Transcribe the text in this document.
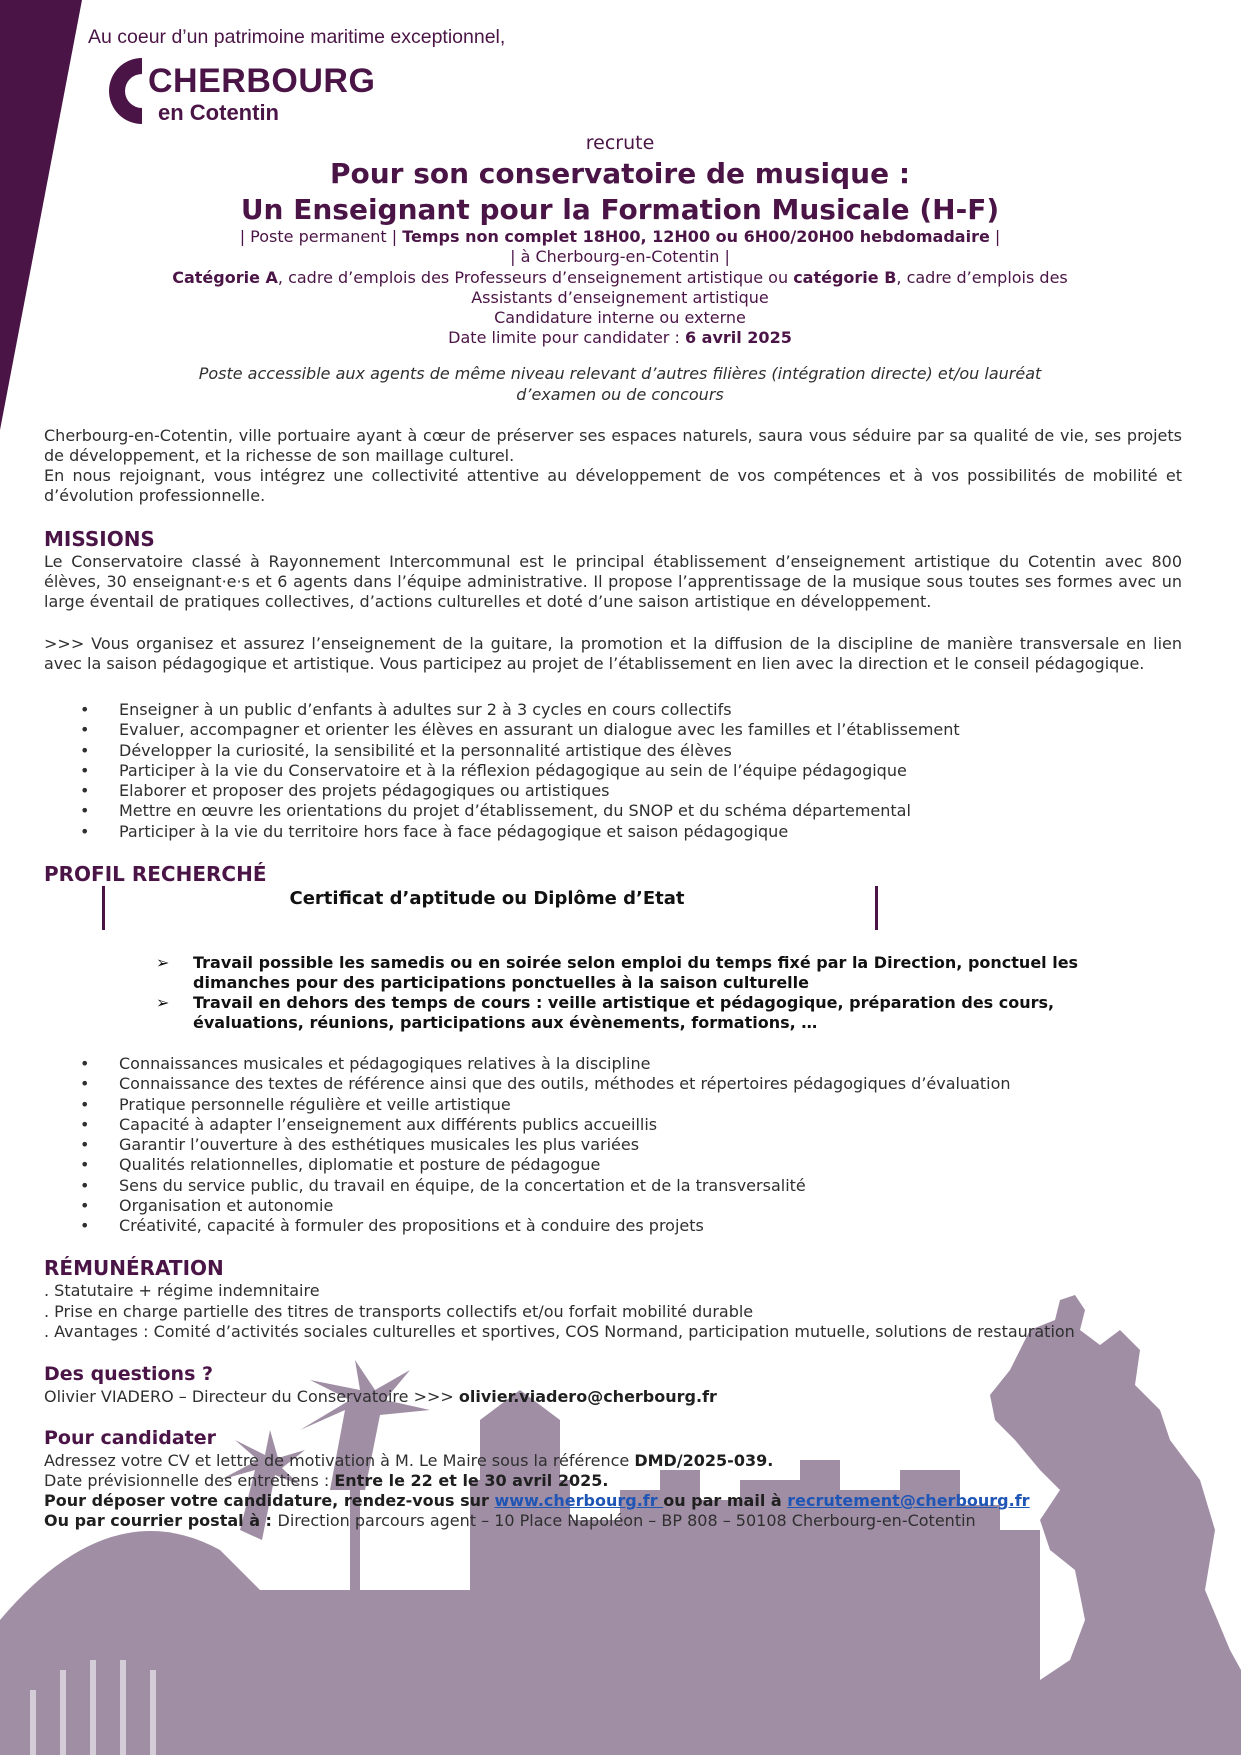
Au coeur d’un patrimoine maritime exceptionnel,
CHERBOURG
en Cotentin
recrute
Pour son conservatoire de musique :
Un Enseignant pour la Formation Musicale (H-F)
| Poste permanent | Temps non complet 18H00, 12H00 ou 6H00/20H00 hebdomadaire |
| à Cherbourg-en-Cotentin |
Catégorie A, cadre d’emplois des Professeurs d’enseignement artistique ou catégorie B, cadre d’emplois des
Assistants d’enseignement artistique
Candidature interne ou externe
Date limite pour candidater : 6 avril 2025
Poste accessible aux agents de même niveau relevant d’autres filières (intégration directe) et/ou lauréat
d’examen ou de concours
Cherbourg-en-Cotentin, ville portuaire ayant à cœur de préserver ses espaces naturels, saura vous séduire par sa qualité de vie, ses projets de développement, et la richesse de son maillage culturel.
En nous rejoignant, vous intégrez une collectivité attentive au développement de vos compétences et à vos possibilités de mobilité et d’évolution professionnelle.
MISSIONS
Le Conservatoire classé à Rayonnement Intercommunal est le principal établissement d’enseignement artistique du Cotentin avec 800 élèves, 30 enseignant·e·s et 6 agents dans l’équipe administrative. Il propose l’apprentissage de la musique sous toutes ses formes avec un large éventail de pratiques collectives, d’actions culturelles et doté d’une saison artistique en développement.
>>> Vous organisez et assurez l’enseignement de la guitare, la promotion et la diffusion de la discipline de manière transversale en lien avec la saison pédagogique et artistique. Vous participez au projet de l’établissement en lien avec la direction et le conseil pédagogique.
• Enseigner à un public d’enfants à adultes sur 2 à 3 cycles en cours collectifs
• Evaluer, accompagner et orienter les élèves en assurant un dialogue avec les familles et l’établissement
• Développer la curiosité, la sensibilité et la personnalité artistique des élèves
• Participer à la vie du Conservatoire et à la réflexion pédagogique au sein de l’équipe pédagogique
• Elaborer et proposer des projets pédagogiques ou artistiques
• Mettre en œuvre les orientations du projet d’établissement, du SNOP et du schéma départemental
• Participer à la vie du territoire hors face à face pédagogique et saison pédagogique
PROFIL RECHERCHÉ
Certificat d’aptitude ou Diplôme d’Etat
➢ Travail possible les samedis ou en soirée selon emploi du temps fixé par la Direction, ponctuel les dimanches pour des participations ponctuelles à la saison culturelle
➢ Travail en dehors des temps de cours : veille artistique et pédagogique, préparation des cours, évaluations, réunions, participations aux évènements, formations, …
• Connaissances musicales et pédagogiques relatives à la discipline
• Connaissance des textes de référence ainsi que des outils, méthodes et répertoires pédagogiques d’évaluation
• Pratique personnelle régulière et veille artistique
• Capacité à adapter l’enseignement aux différents publics accueillis
• Garantir l’ouverture à des esthétiques musicales les plus variées
• Qualités relationnelles, diplomatie et posture de pédagogue
• Sens du service public, du travail en équipe, de la concertation et de la transversalité
• Organisation et autonomie
• Créativité, capacité à formuler des propositions et à conduire des projets
RÉMUNÉRATION
. Statutaire + régime indemnitaire
. Prise en charge partielle des titres de transports collectifs et/ou forfait mobilité durable
. Avantages : Comité d’activités sociales culturelles et sportives, COS Normand, participation mutuelle, solutions de restauration
Des questions ?
Olivier VIADERO – Directeur du Conservatoire >>> olivier.viadero@cherbourg.fr
Pour candidater
Adressez votre CV et lettre de motivation à M. Le Maire sous la référence DMD/2025-039.
Date prévisionnelle des entretiens : Entre le 22 et le 30 avril 2025.
Pour déposer votre candidature, rendez-vous sur www.cherbourg.fr ou par mail à recrutement@cherbourg.fr
Ou par courrier postal à : Direction parcours agent – 10 Place Napoléon – BP 808 – 50108 Cherbourg-en-Cotentin
